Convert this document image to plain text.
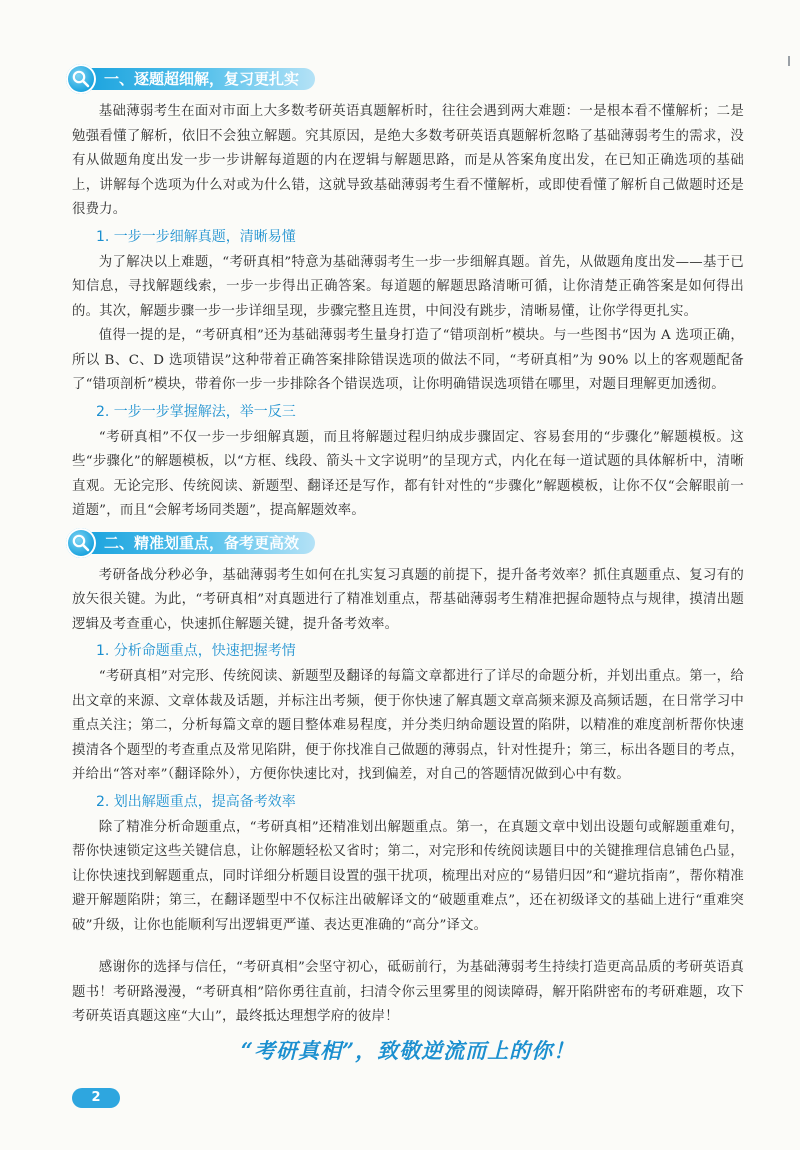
一、逐题超细解，复习更扎实

基础薄弱考生在面对市面上大多数考研英语真题解析时，往往会遇到两大难题：一是根本看不懂解析；二是勉强看懂了解析，依旧不会独立解题。究其原因，是绝大多数考研英语真题解析忽略了基础薄弱考生的需求，没有从做题角度出发一步一步讲解每道题的内在逻辑与解题思路，而是从答案角度出发，在已知正确选项的基础上，讲解每个选项为什么对或为什么错，这就导致基础薄弱考生看不懂解析，或即使看懂了解析自己做题时还是很费力。

1. 一步一步细解真题，清晰易懂

为了解决以上难题，“考研真相”特意为基础薄弱考生一步一步细解真题。首先，从做题角度出发——基于已知信息，寻找解题线索，一步一步得出正确答案。每道题的解题思路清晰可循，让你清楚正确答案是如何得出的。其次，解题步骤一步一步详细呈现，步骤完整且连贯，中间没有跳步，清晰易懂，让你学得更扎实。

值得一提的是，“考研真相”还为基础薄弱考生量身打造了“错项剖析”模块。与一些图书“因为 A 选项正确，所以 B、C、D 选项错误”这种带着正确答案排除错误选项的做法不同，“考研真相”为 90% 以上的客观题配备了“错项剖析”模块，带着你一步一步排除各个错误选项，让你明确错误选项错在哪里，对题目理解更加透彻。

2. 一步一步掌握解法，举一反三

“考研真相”不仅一步一步细解真题，而且将解题过程归纳成步骤固定、容易套用的“步骤化”解题模板。这些“步骤化”的解题模板，以“方框、线段、箭头＋文字说明”的呈现方式，内化在每一道试题的具体解析中，清晰直观。无论完形、传统阅读、新题型、翻译还是写作，都有针对性的“步骤化”解题模板，让你不仅“会解眼前一道题”，而且“会解考场同类题”，提高解题效率。

二、精准划重点，备考更高效

考研备战分秒必争，基础薄弱考生如何在扎实复习真题的前提下，提升备考效率？抓住真题重点、复习有的放矢很关键。为此，“考研真相”对真题进行了精准划重点，帮基础薄弱考生精准把握命题特点与规律，摸清出题逻辑及考查重心，快速抓住解题关键，提升备考效率。

1. 分析命题重点，快速把握考情

“考研真相”对完形、传统阅读、新题型及翻译的每篇文章都进行了详尽的命题分析，并划出重点。第一，给出文章的来源、文章体裁及话题，并标注出考频，便于你快速了解真题文章高频来源及高频话题，在日常学习中重点关注；第二，分析每篇文章的题目整体难易程度，并分类归纳命题设置的陷阱，以精准的难度剖析帮你快速摸清各个题型的考查重点及常见陷阱，便于你找准自己做题的薄弱点，针对性提升；第三，标出各题目的考点，并给出“答对率”（翻译除外），方便你快速比对，找到偏差，对自己的答题情况做到心中有数。

2. 划出解题重点，提高备考效率

除了精准分析命题重点，“考研真相”还精准划出解题重点。第一，在真题文章中划出设题句或解题重难句，帮你快速锁定这些关键信息，让你解题轻松又省时；第二，对完形和传统阅读题目中的关键推理信息铺色凸显，让你快速找到解题重点，同时详细分析题目设置的强干扰项，梳理出对应的“易错归因”和“避坑指南”，帮你精准避开解题陷阱；第三，在翻译题型中不仅标注出破解译文的“破题重难点”，还在初级译文的基础上进行“重难突破”升级，让你也能顺利写出逻辑更严谨、表达更准确的“高分”译文。

感谢你的选择与信任，“考研真相”会坚守初心，砥砺前行，为基础薄弱考生持续打造更高品质的考研英语真题书！考研路漫漫，“考研真相”陪你勇往直前，扫清令你云里雾里的阅读障碍，解开陷阱密布的考研难题，攻下考研英语真题这座“大山”，最终抵达理想学府的彼岸！

“考研真相”，致敬逆流而上的你！
2
